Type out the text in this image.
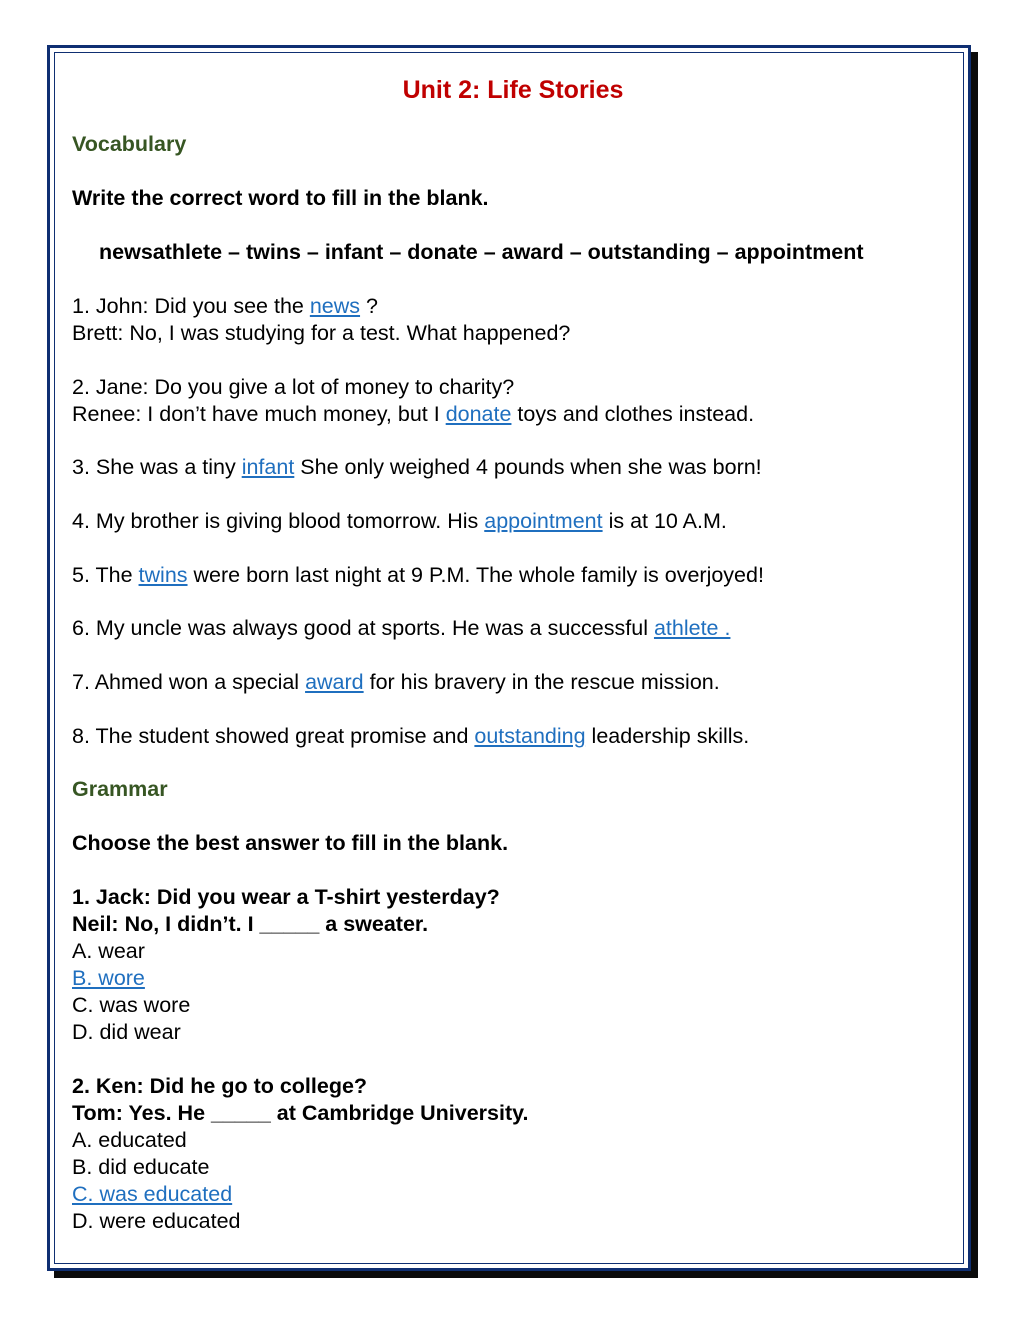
Unit 2: Life Stories
Vocabulary
Write the correct word to fill in the blank.
newsathlete – twins – infant – donate – award – outstanding – appointment
1. John: Did you see the news ?
Brett: No, I was studying for a test. What happened?
2. Jane: Do you give a lot of money to charity?
Renee: I don’t have much money, but I donate toys and clothes instead.
3. She was a tiny infant She only weighed 4 pounds when she was born!
4. My brother is giving blood tomorrow. His appointment is at 10 A.M.
5. The twins were born last night at 9 P.M. The whole family is overjoyed!
6. My uncle was always good at sports. He was a successful athlete .
7. Ahmed won a special award for his bravery in the rescue mission.
8. The student showed great promise and outstanding leadership skills.
Grammar
Choose the best answer to fill in the blank.
1. Jack: Did you wear a T-shirt yesterday?
Neil: No, I didn’t. I _____ a sweater.
A. wear
B. wore
C. was wore
D. did wear
2. Ken: Did he go to college?
Tom: Yes. He _____ at Cambridge University.
A. educated
B. did educate
C. was educated
D. were educated
